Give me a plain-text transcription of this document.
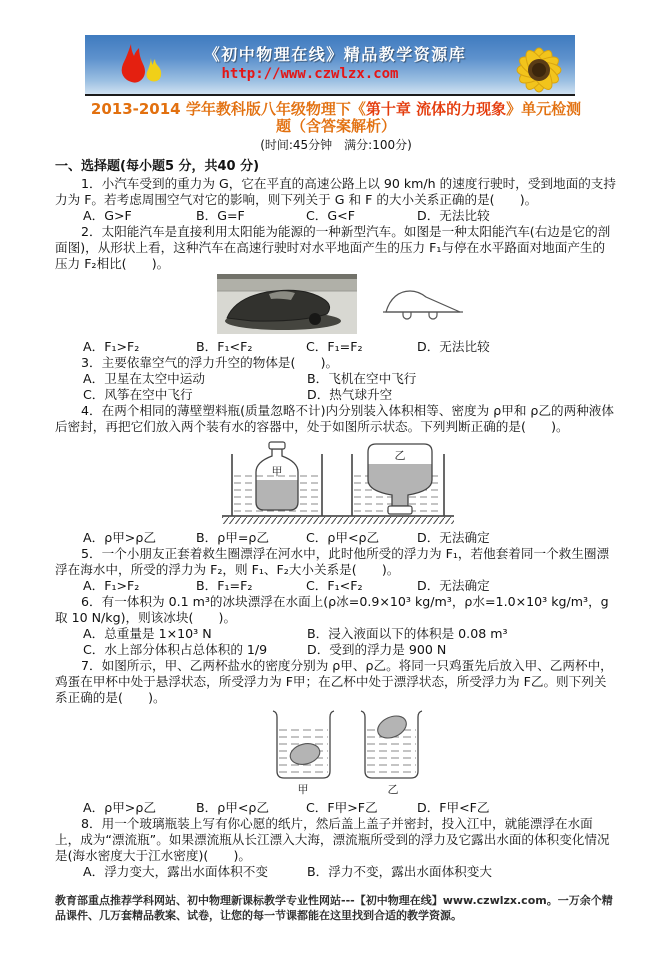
《初中物理在线》精品教学资源库
http://www.czwlzx.com
2013-2014 学年教科版八年级物理下《第十章 流体的力现象》单元检测
题（含答案解析）
(时间:45分钟　满分:100分)
一、选择题(每小题5 分，共40 分)

1．小汽车受到的重力为 G，它在平直的高速公路上以 90 km/h 的速度行驶时，受到地面的支持力为 F。若考虑周围空气对它的影响，则下列关于 G 和 F 的大小关系正确的是(　　)。

A．G>F	B．G=F	C．G<F	D．无法比较

2．太阳能汽车是直接利用太阳能为能源的一种新型汽车。如图是一种太阳能汽车(右边是它的剖面图)，从形状上看，这种汽车在高速行驶时对水平地面产生的压力 F₁与停在水平路面对地面产生的压力 F₂相比(　　)。

A．F₁>F₂	B．F₁<F₂	C．F₁=F₂	D．无法比较

3．主要依靠空气的浮力升空的物体是(　　)。

A．卫星在太空中运动	B．飞机在空中飞行
C．风筝在空中飞行	D．热气球升空

4．在两个相同的薄壁塑料瓶(质量忽略不计)内分别装入体积相等、密度为 ρ甲和 ρ乙的两种液体后密封，再把它们放入两个装有水的容器中，处于如图所示状态。下列判断正确的是(　　)。

甲
乙
A．ρ甲>ρ乙	B．ρ甲=ρ乙	C．ρ甲<ρ乙	D．无法确定

5．一个小朋友正套着救生圈漂浮在河水中，此时他所受的浮力为 F₁，若他套着同一个救生圈漂浮在海水中，所受的浮力为 F₂，则 F₁、F₂大小关系是(　　)。

A．F₁>F₂	B．F₁=F₂	C．F₁<F₂	D．无法确定

6．有一体积为 0.1 m³的冰块漂浮在水面上(ρ冰=0.9×10³ kg/m³，ρ水=1.0×10³ kg/m³，g取 10 N/kg)，则该冰块(　　)。

A．总重量是 1×10³ N	B．浸入液面以下的体积是 0.08 m³
C．水上部分体积占总体积的 1/9	D．受到的浮力是 900 N

7．如图所示，甲、乙两杯盐水的密度分别为 ρ甲、ρ乙。将同一只鸡蛋先后放入甲、乙两杯中，鸡蛋在甲杯中处于悬浮状态，所受浮力为 F甲；在乙杯中处于漂浮状态，所受浮力为 F乙。则下列关系正确的是(　　)。

甲	乙
A．ρ甲>ρ乙	B．ρ甲<ρ乙	C．F甲>F乙	D．F甲<F乙

8．用一个玻璃瓶装上写有你心愿的纸片，然后盖上盖子并密封，投入江中，就能漂浮在水面上，成为“漂流瓶”。如果漂流瓶从长江漂入大海，漂流瓶所受到的浮力及它露出水面的体积变化情况是(海水密度大于江水密度)(　　)。

A．浮力变大，露出水面体积不变	B．浮力不变，露出水面体积变大
教育部重点推荐学科网站、初中物理新课标教学专业性网站---【初中物理在线】www.czwlzx.com。一万余个精品课件、几万套精品教案、试卷，让您的每一节课都能在这里找到合适的教学资源。
